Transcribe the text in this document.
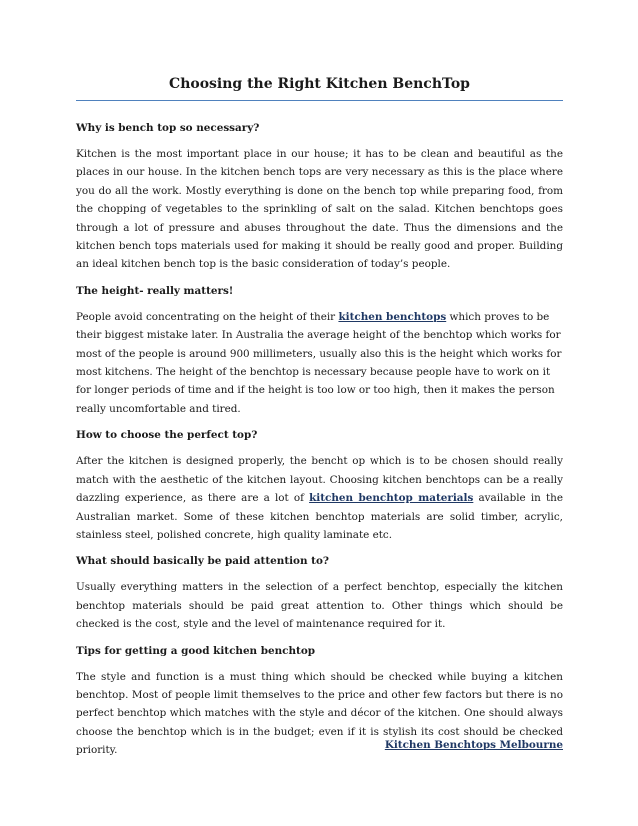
Choosing the Right Kitchen BenchTop
Why is bench top so necessary?

Kitchen is the most important place in our house; it has to be clean and beautiful as the places in our house. In the kitchen bench tops are very necessary as this is the place where you do all the work. Mostly everything is done on the bench top while preparing food, from the chopping of vegetables to the sprinkling of salt on the salad. Kitchen benchtops goes through a lot of pressure and abuses throughout the date. Thus the dimensions and the kitchen bench tops materials used for making it should be really good and proper. Building an ideal kitchen bench top is the basic consideration of today’s people.

The height- really matters!

People avoid concentrating on the height of their kitchen benchtops which proves to be their biggest mistake later. In Australia the average height of the benchtop which works for most of the people is around 900 millimeters, usually also this is the height which works for most kitchens. The height of the benchtop is necessary because people have to work on it for longer periods of time and if the height is too low or too high, then it makes the person really uncomfortable and tired.

How to choose the perfect top?

After the kitchen is designed properly, the bencht op which is to be chosen should really match with the aesthetic of the kitchen layout. Choosing kitchen benchtops can be a really dazzling experience, as there are a lot of kitchen benchtop materials available in the Australian market. Some of these kitchen benchtop materials are solid timber, acrylic, stainless steel, polished concrete, high quality laminate etc.

What should basically be paid attention to?

Usually everything matters in the selection of a perfect benchtop, especially the kitchen benchtop materials should be paid great attention to. Other things which should be checked is the cost, style and the level of maintenance required for it.

Tips for getting a good kitchen benchtop

The style and function is a must thing which should be checked while buying a kitchen benchtop. Most of people limit themselves to the price and other few factors but there is no perfect benchtop which matches with the style and décor of the kitchen. One should always choose the benchtop which is in the budget; even if it is stylish its cost should be checked priority.	Kitchen Benchtops Melbourne
